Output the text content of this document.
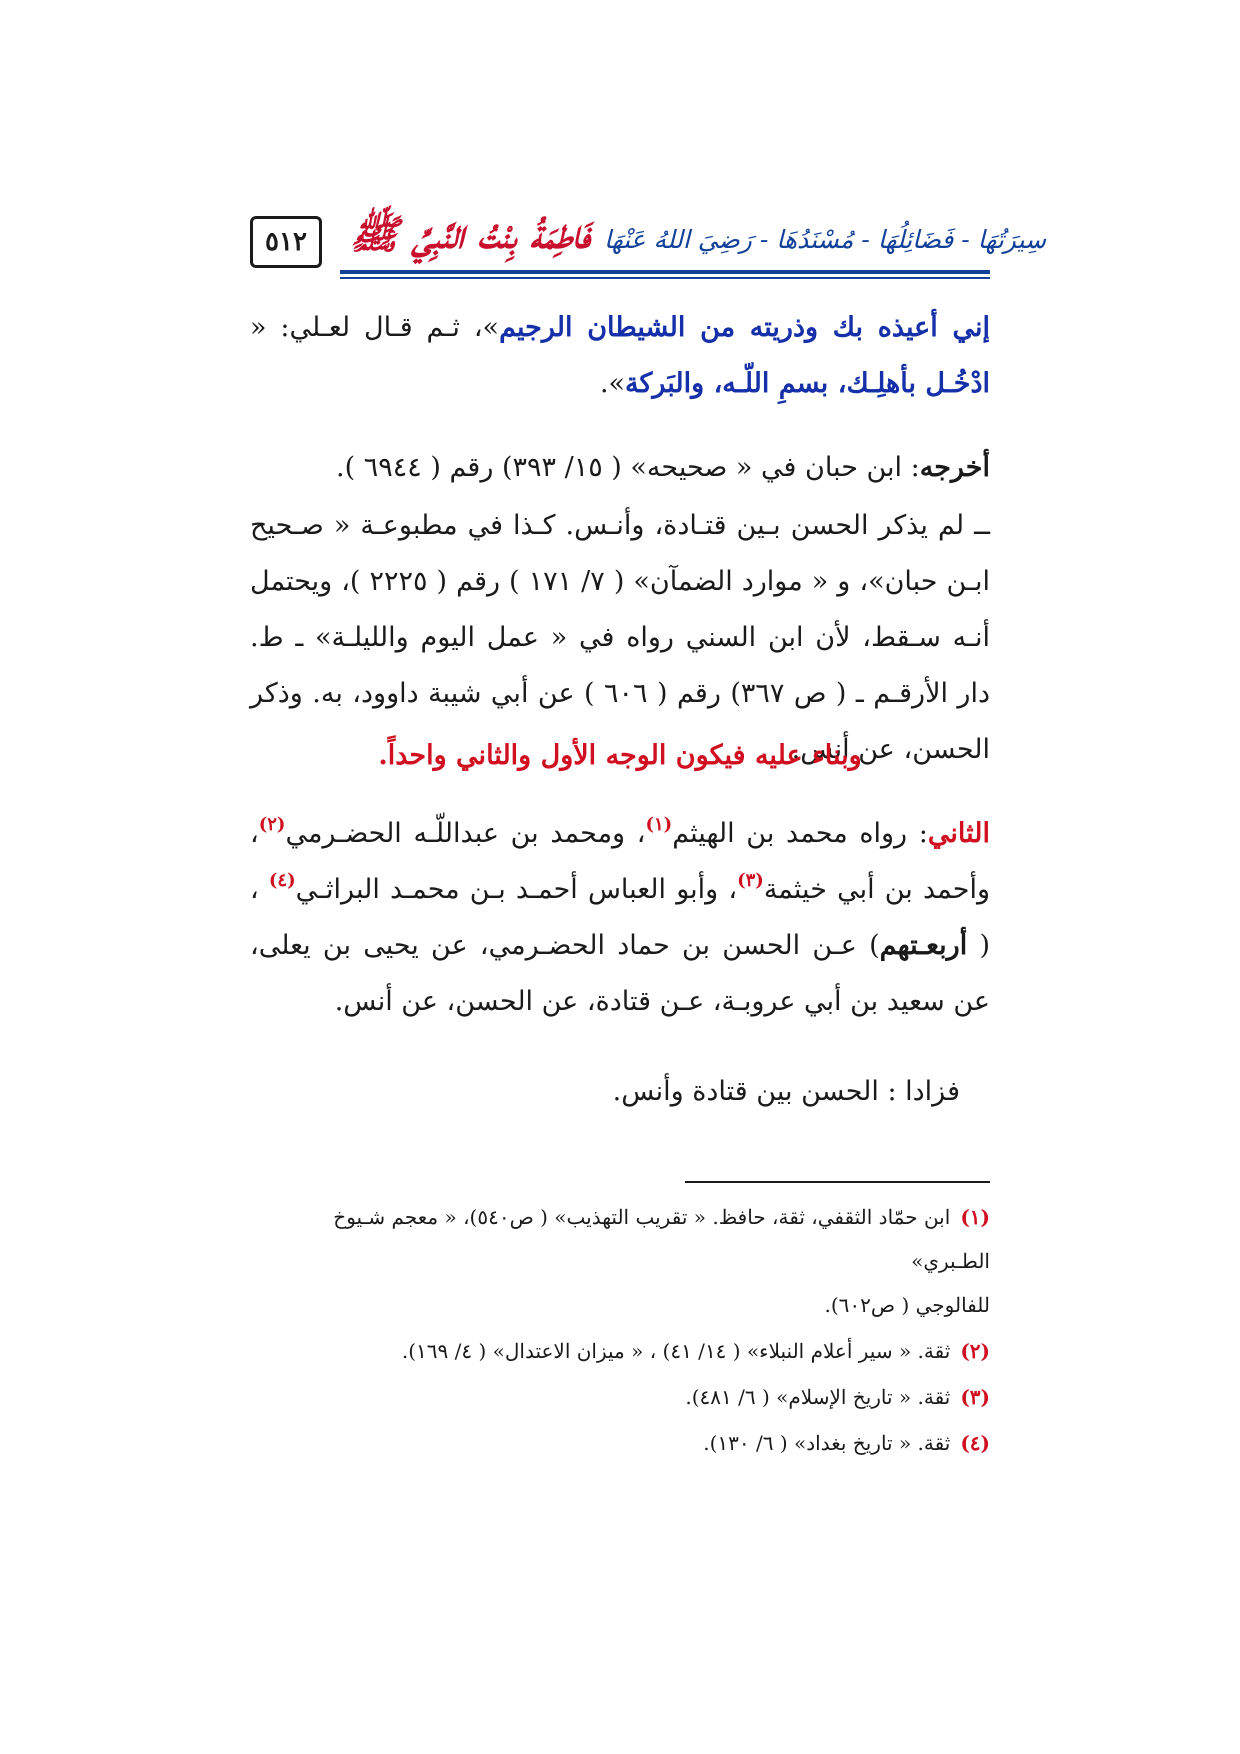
٥١٢	فَاطِمَةُ بِنْتُ النَّبِيِّ ﷺ سِيرَتُهَا - فَضَائِلُهَا - مُسْنَدُهَا - رَضِيَ اللهُ عَنْهَا

إني أعيذه بك وذريته من الشيطان الرجيم»، ثـم قـال لعـلي: « ادْخُـل بأهلِـك، بسمِ اللّـه، والبَركة».

أخرجه: ابن حبان في « صحيحه» ( ١٥/ ٣٩٣) رقم ( ٦٩٤٤ ).

ــ لم يذكر الحسن بـين قتـادة، وأنـس. كـذا في مطبوعـة « صـحيح ابـن حبان»، و « موارد الضمآن» ( ٧/ ١٧١ ) رقم ( ٢٢٢٥ )، ويحتمل أنـه سـقط، لأن ابن السني رواه في « عمل اليوم والليلـة» ـ ط. دار الأرقـم ـ ( ص ٣٦٧) رقم ( ٦٠٦ ) عن أبي شيبة داوود، به. وذكر الحسن، عن أنس.

وبناء عليه فيكون الوجه الأول والثاني واحداً.

الثاني: رواه محمد بن الهيثم$^{(١)}$، ومحمد بن عبداللّـه الحضـرمي$^{(٢)}$، وأحمد بن أبي خيثمة$^{(٣)}$، وأبو العباس أحمـد بـن محمـد البراثـي$^{(٤)}$ ، ( أربعـتهم) عـن الحسن بن حماد الحضـرمي، عن يحيى بن يعلى، عن سعيد بن أبي عروبـة، عـن قتادة، عن الحسن، عن أنس.

فزادا : الحسن بين قتادة وأنس.

(١)ابن حمّاد الثقفي، ثقة، حافظ. « تقريب التهذيب» ( ص٥٤٠)، « معجم شـيوخ الطـبري»
للفالوجي ( ص٦٠٢).
(٢)ثقة. « سير أعلام النبلاء» ( ١٤/ ٤١) ، « ميزان الاعتدال» ( ٤/ ١٦٩).
(٣)ثقة. « تاريخ الإسلام» ( ٦/ ٤٨١).
(٤)ثقة. « تاريخ بغداد» ( ٦/ ١٣٠).
